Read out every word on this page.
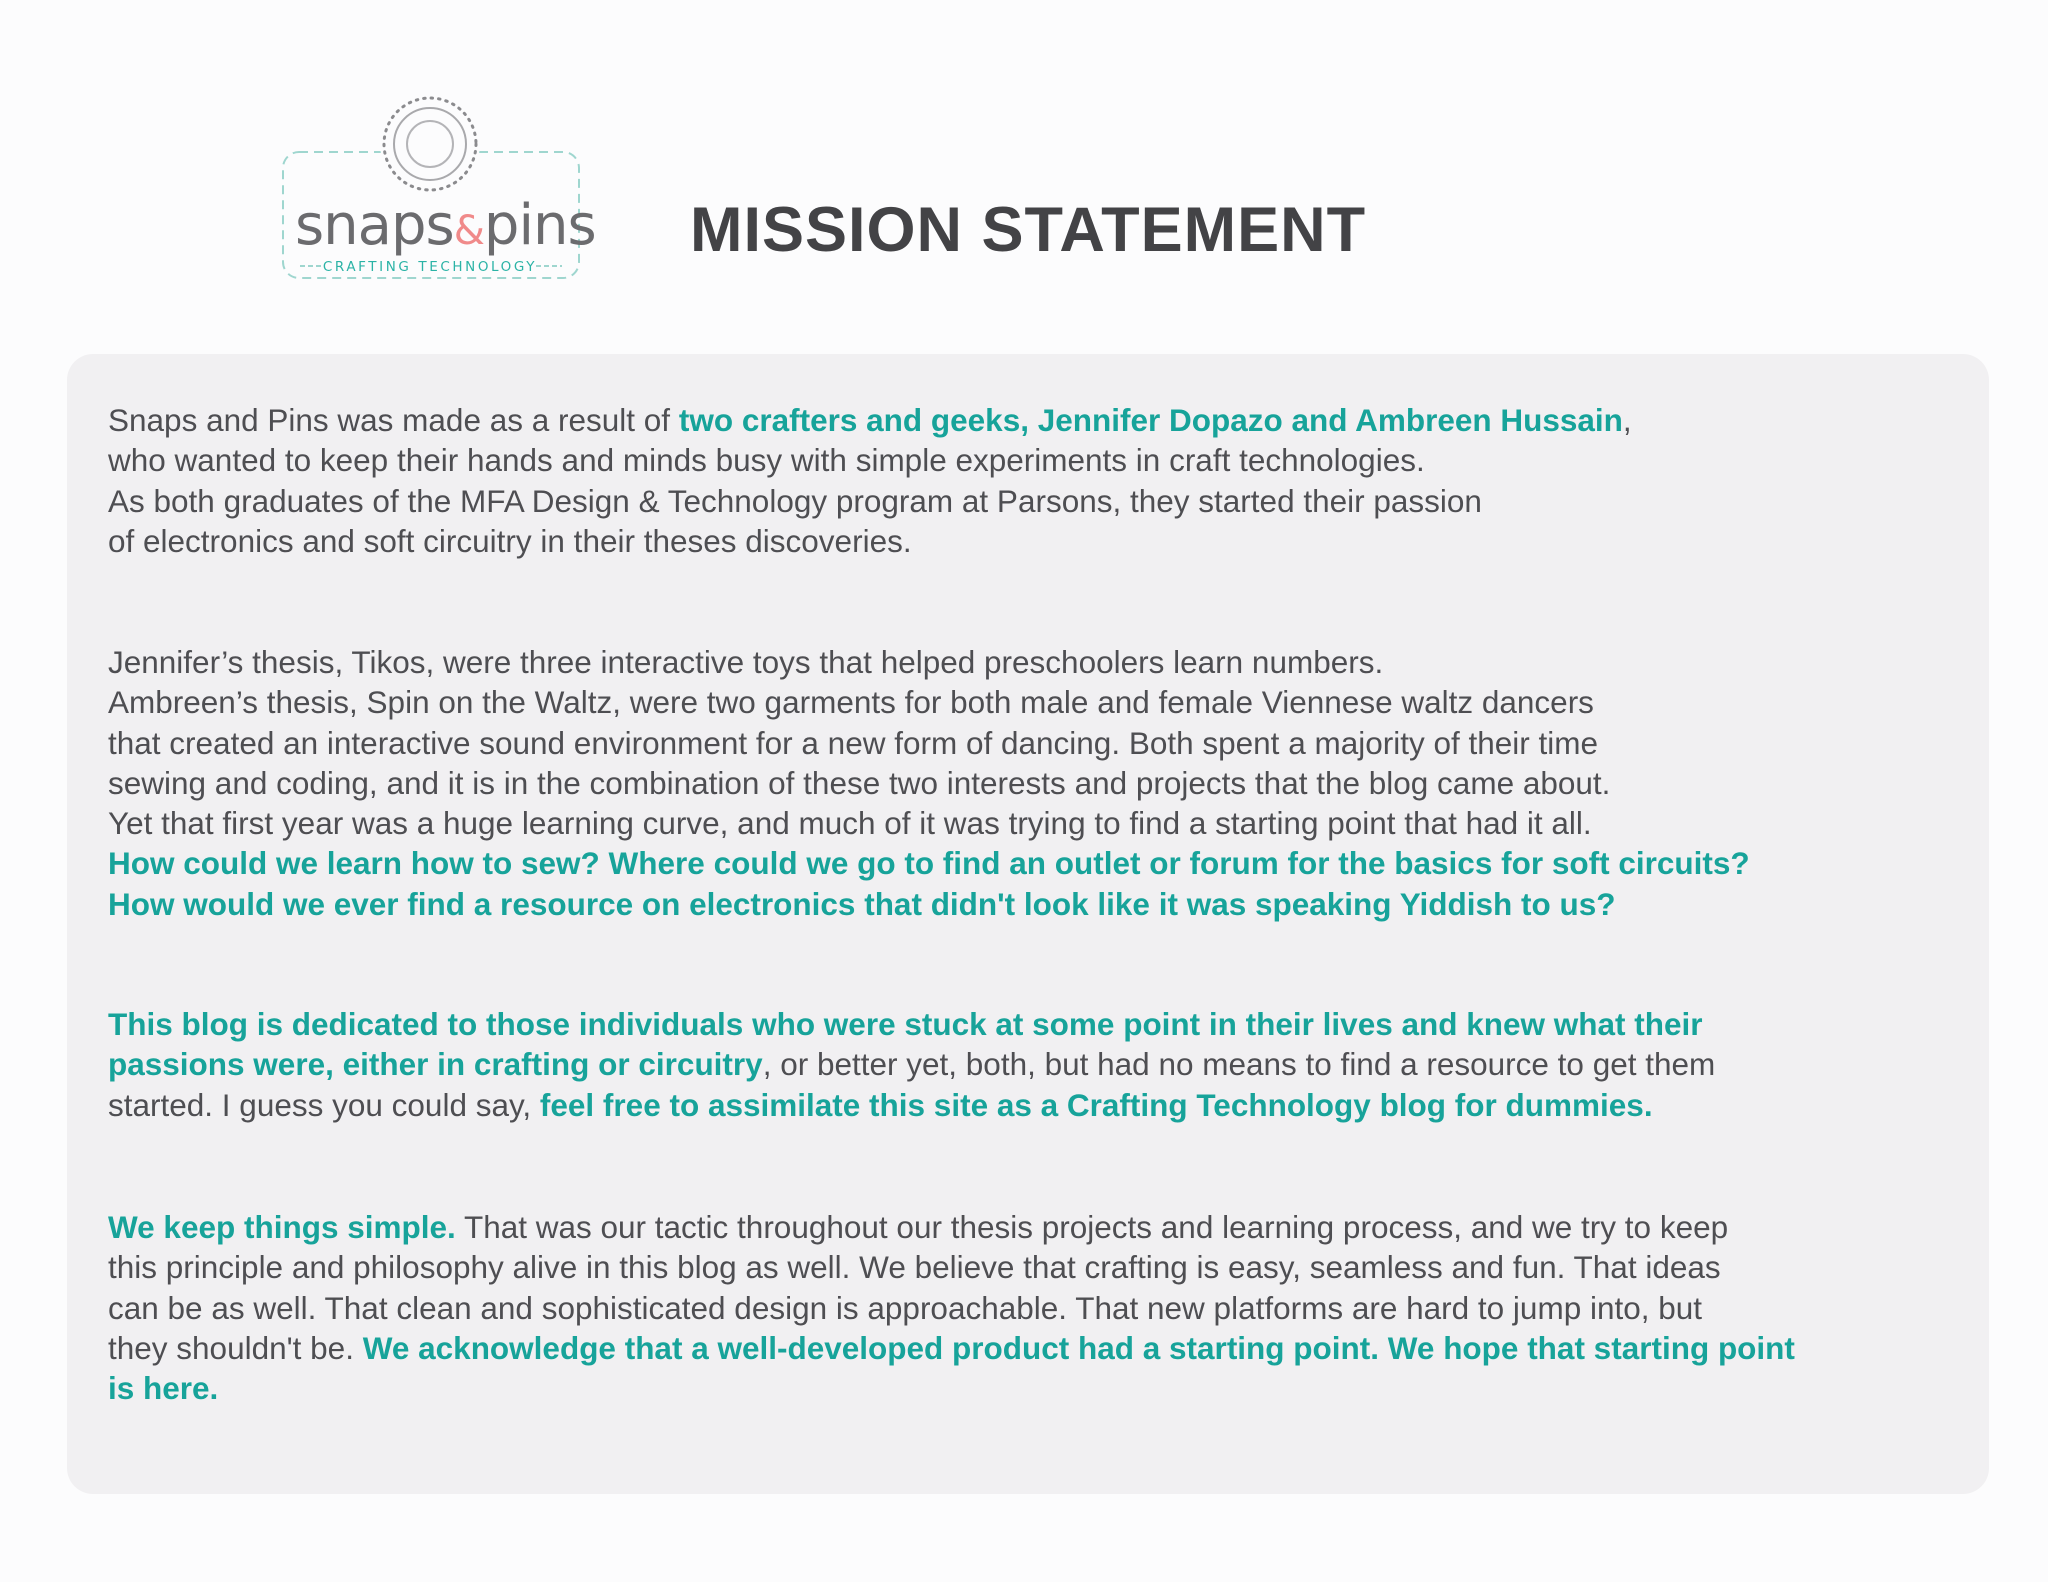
snaps&pins
CRAFTING TECHNOLOGY
MISSION STATEMENT
Snaps and Pins was made as a result of two crafters and geeks, Jennifer Dopazo and Ambreen Hussain,
who wanted to keep their hands and minds busy with simple experiments in craft technologies.
As both graduates of the MFA Design & Technology program at Parsons, they started their passion
of electronics and soft circuitry in their theses discoveries.
Jennifer’s thesis, Tikos, were three interactive toys that helped preschoolers learn numbers.
Ambreen’s thesis, Spin on the Waltz, were two garments for both male and female Viennese waltz dancers
that created an interactive sound environment for a new form of dancing. Both spent a majority of their time
sewing and coding, and it is in the combination of these two interests and projects that the blog came about.
Yet that first year was a huge learning curve, and much of it was trying to find a starting point that had it all.
How could we learn how to sew? Where could we go to find an outlet or forum for the basics for soft circuits?
How would we ever find a resource on electronics that didn't look like it was speaking Yiddish to us?
This blog is dedicated to those individuals who were stuck at some point in their lives and knew what their
passions were, either in crafting or circuitry, or better yet, both, but had no means to find a resource to get them
started. I guess you could say, feel free to assimilate this site as a Crafting Technology blog for dummies.
We keep things simple. That was our tactic throughout our thesis projects and learning process, and we try to keep
this principle and philosophy alive in this blog as well. We believe that crafting is easy, seamless and fun. That ideas
can be as well. That clean and sophisticated design is approachable. That new platforms are hard to jump into, but
they shouldn't be. We acknowledge that a well-developed product had a starting point. We hope that starting point
is here.
